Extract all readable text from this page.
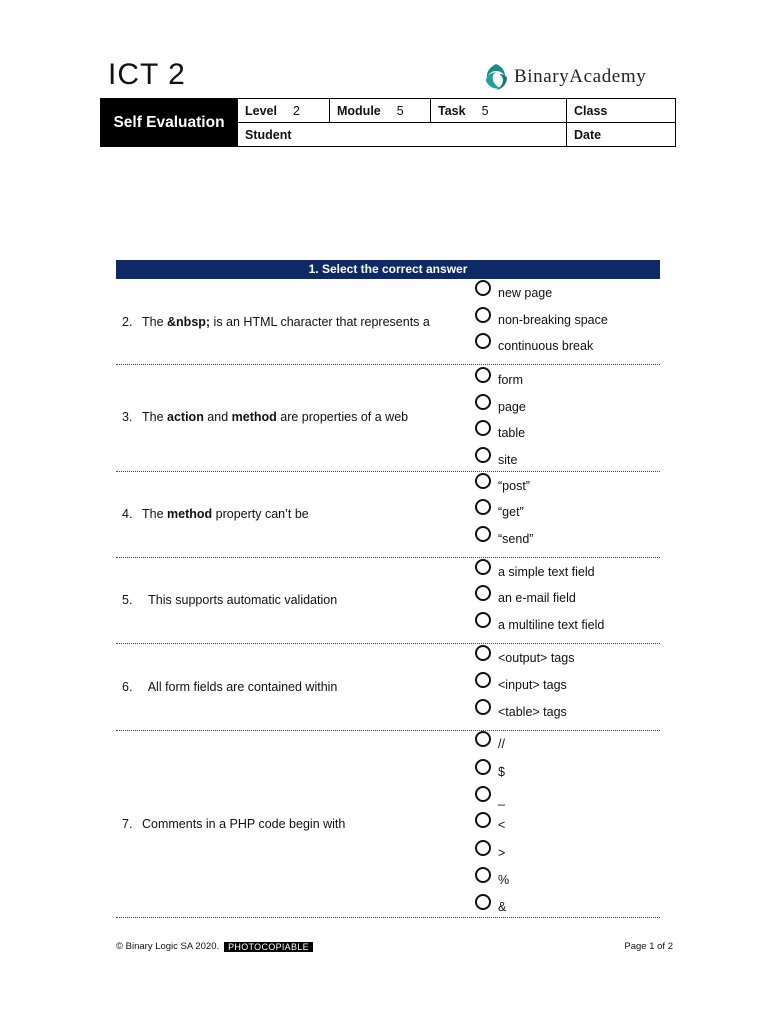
ICT 2	BinaryAcademy
Self Evaluation	Level 2	Module 5	Task 5	Class
	Student			Date
1. Select the correct answer
2. The &nbsp; is an HTML character that represents a
new page
non-breaking space
continuous break
3. The action and method are properties of a web
form
page
table
site
4. The method property can’t be
“post”
“get”
“send”
5.  This supports automatic validation
a simple text field
an e-mail field
a multiline text field
6.  All form fields are contained within
<output> tags
<input> tags
<table> tags
7. Comments in a PHP code begin with
//
$
_
<
>
%
&
© Binary Logic SA 2020.	PHOTOCOPIABLE	Page 1 of 2
